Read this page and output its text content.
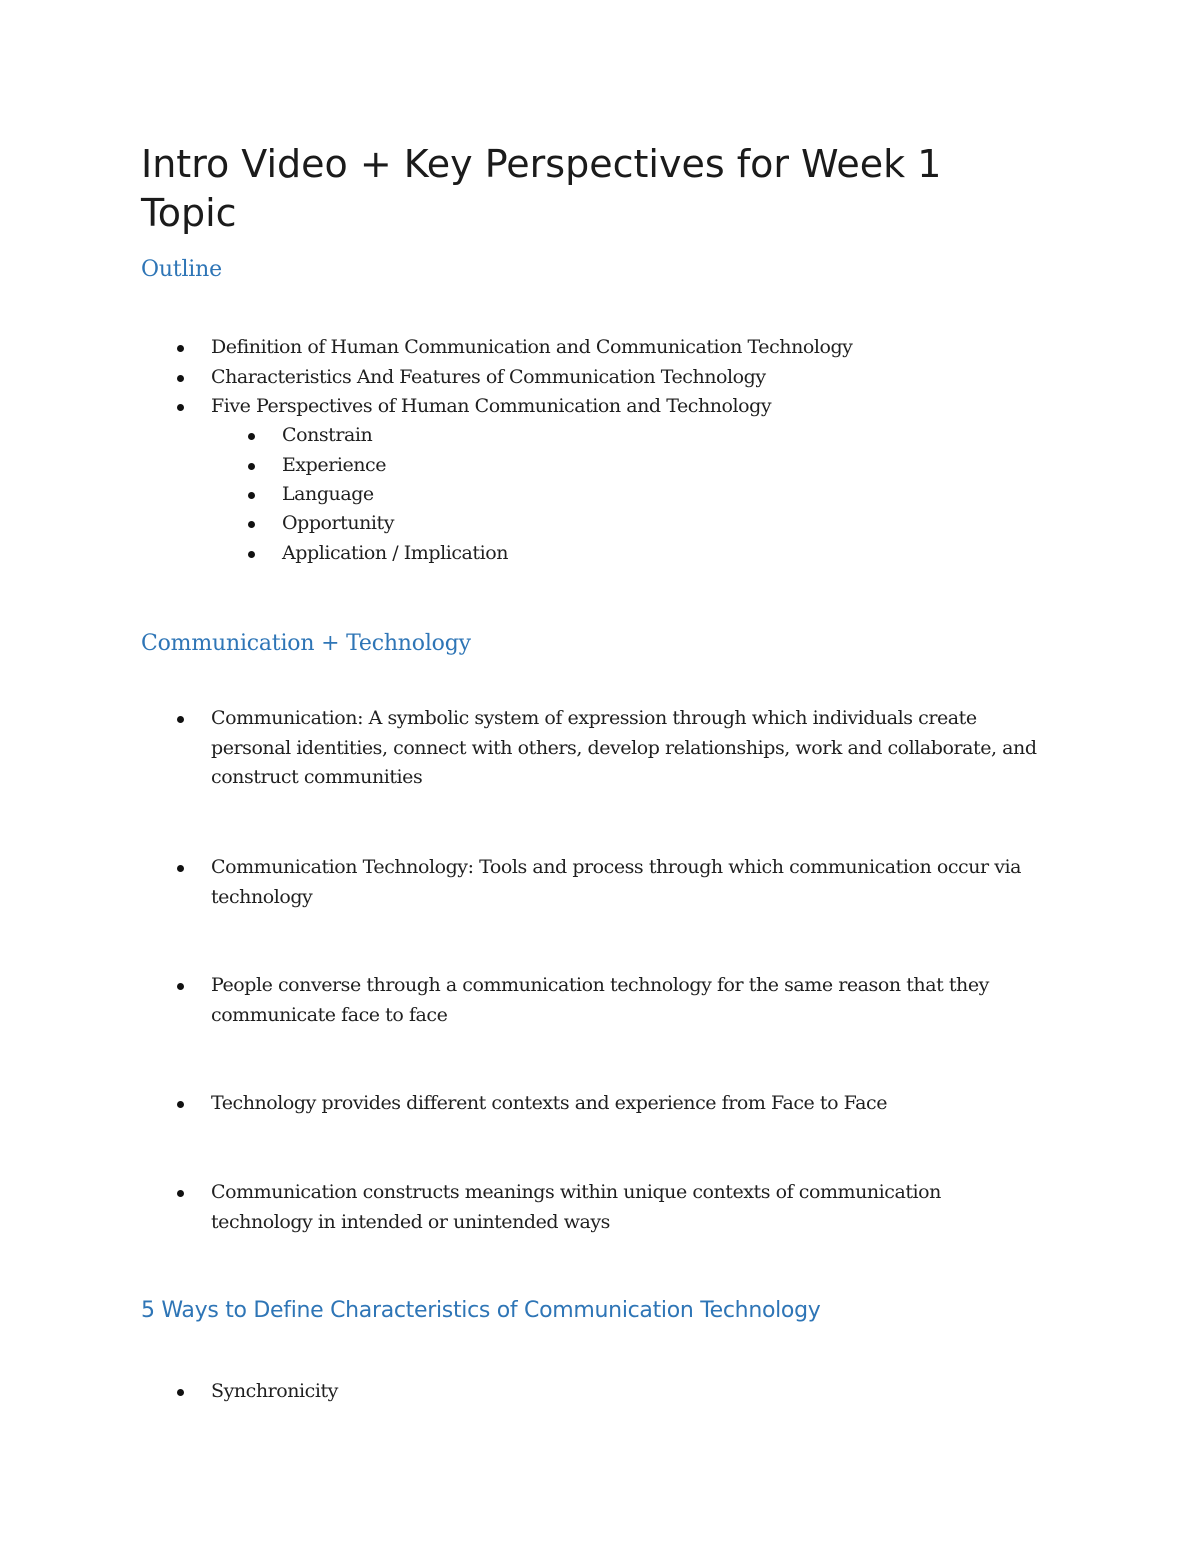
Intro Video + Key Perspectives for Week 1 Topic
Outline

Definition of Human Communication and Communication Technology

Characteristics And Features of Communication Technology

Five Perspectives of Human Communication and Technology

Constrain

Experience

Language

Opportunity

Application / Implication

Communication + Technology

Communication: A symbolic system of expression through which individuals create personal identities, connect with others, develop relationships, work and collaborate, and construct communities

Communication Technology: Tools and process through which communication occur via technology

People converse through a communication technology for the same reason that they communicate face to face

Technology provides different contexts and experience from Face to Face

Communication constructs meanings within unique contexts of communication technology in intended or unintended ways

5 Ways to Define Characteristics of Communication Technology

Synchronicity
